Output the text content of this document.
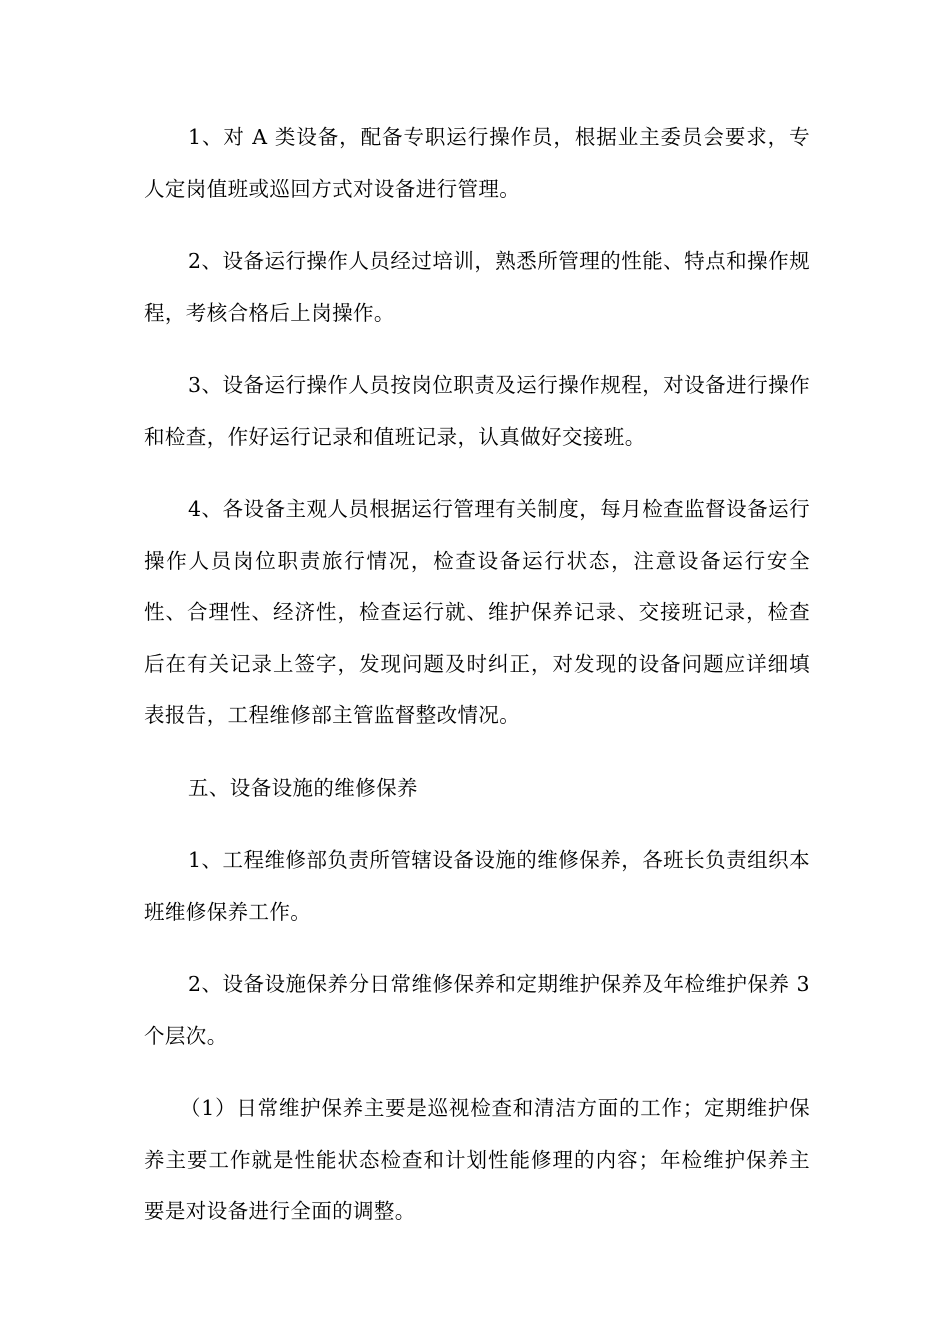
1、对 A 类设备，配备专职运行操作员，根据业主委员会要求，专人定岗值班或巡回方式对设备进行管理。

2、设备运行操作人员经过培训，熟悉所管理的性能、特点和操作规程，考核合格后上岗操作。

3、设备运行操作人员按岗位职责及运行操作规程，对设备进行操作和检查，作好运行记录和值班记录，认真做好交接班。

4、各设备主观人员根据运行管理有关制度，每月检查监督设备运行操作人员岗位职责旅行情况，检查设备运行状态，注意设备运行安全性、合理性、经济性，检查运行就、维护保养记录、交接班记录，检查后在有关记录上签字，发现问题及时纠正，对发现的设备问题应详细填表报告，工程维修部主管监督整改情况。

五、设备设施的维修保养

1、工程维修部负责所管辖设备设施的维修保养，各班长负责组织本班维修保养工作。

2、设备设施保养分日常维修保养和定期维护保养及年检维护保养 3 个层次。

（1）日常维护保养主要是巡视检查和清洁方面的工作；定期维护保养主要工作就是性能状态检查和计划性能修理的内容；年检维护保养主要是对设备进行全面的调整。
